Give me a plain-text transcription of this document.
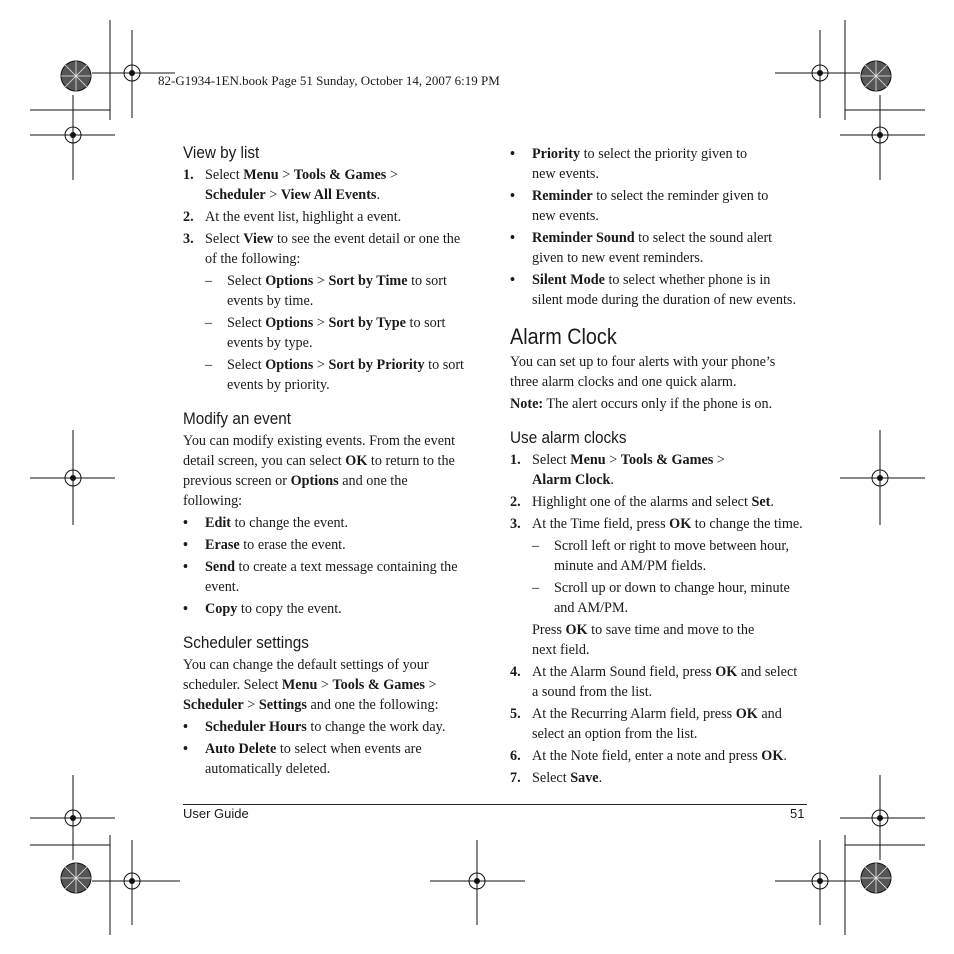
82-G1934-1EN.book Page 51 Sunday, October 14, 2007 6:19 PM
View by list
1. Select Menu > Tools & Games >
Scheduler > View All Events.
2. At the event list, highlight a event.
3. Select View to see the event detail or one the
of the following:
– Select Options > Sort by Time to sort
events by time.
– Select Options > Sort by Type to sort
events by type.
– Select Options > Sort by Priority to sort
events by priority.
Modify an event
You can modify existing events. From the event
detail screen, you can select OK to return to the
previous screen or Options and one the
following:
• Edit to change the event.
• Erase to erase the event.
• Send to create a text message containing the
event.
• Copy to copy the event.
Scheduler settings
You can change the default settings of your
scheduler. Select Menu > Tools & Games >
Scheduler > Settings and one the following:
• Scheduler Hours to change the work day.
• Auto Delete to select when events are
automatically deleted.
• Priority to select the priority given to
new events.
• Reminder to select the reminder given to
new events.
• Reminder Sound to select the sound alert
given to new event reminders.
• Silent Mode to select whether phone is in
silent mode during the duration of new events.
Alarm Clock
You can set up to four alerts with your phone’s
three alarm clocks and one quick alarm.
Note: The alert occurs only if the phone is on.
Use alarm clocks
1. Select Menu > Tools & Games >
Alarm Clock.
2. Highlight one of the alarms and select Set.
3. At the Time field, press OK to change the time.
– Scroll left or right to move between hour,
minute and AM/PM fields.
– Scroll up or down to change hour, minute
and AM/PM.
Press OK to save time and move to the
next field.
4. At the Alarm Sound field, press OK and select
a sound from the list.
5. At the Recurring Alarm field, press OK and
select an option from the list.
6. At the Note field, enter a note and press OK.
7. Select Save.
User Guide	51
